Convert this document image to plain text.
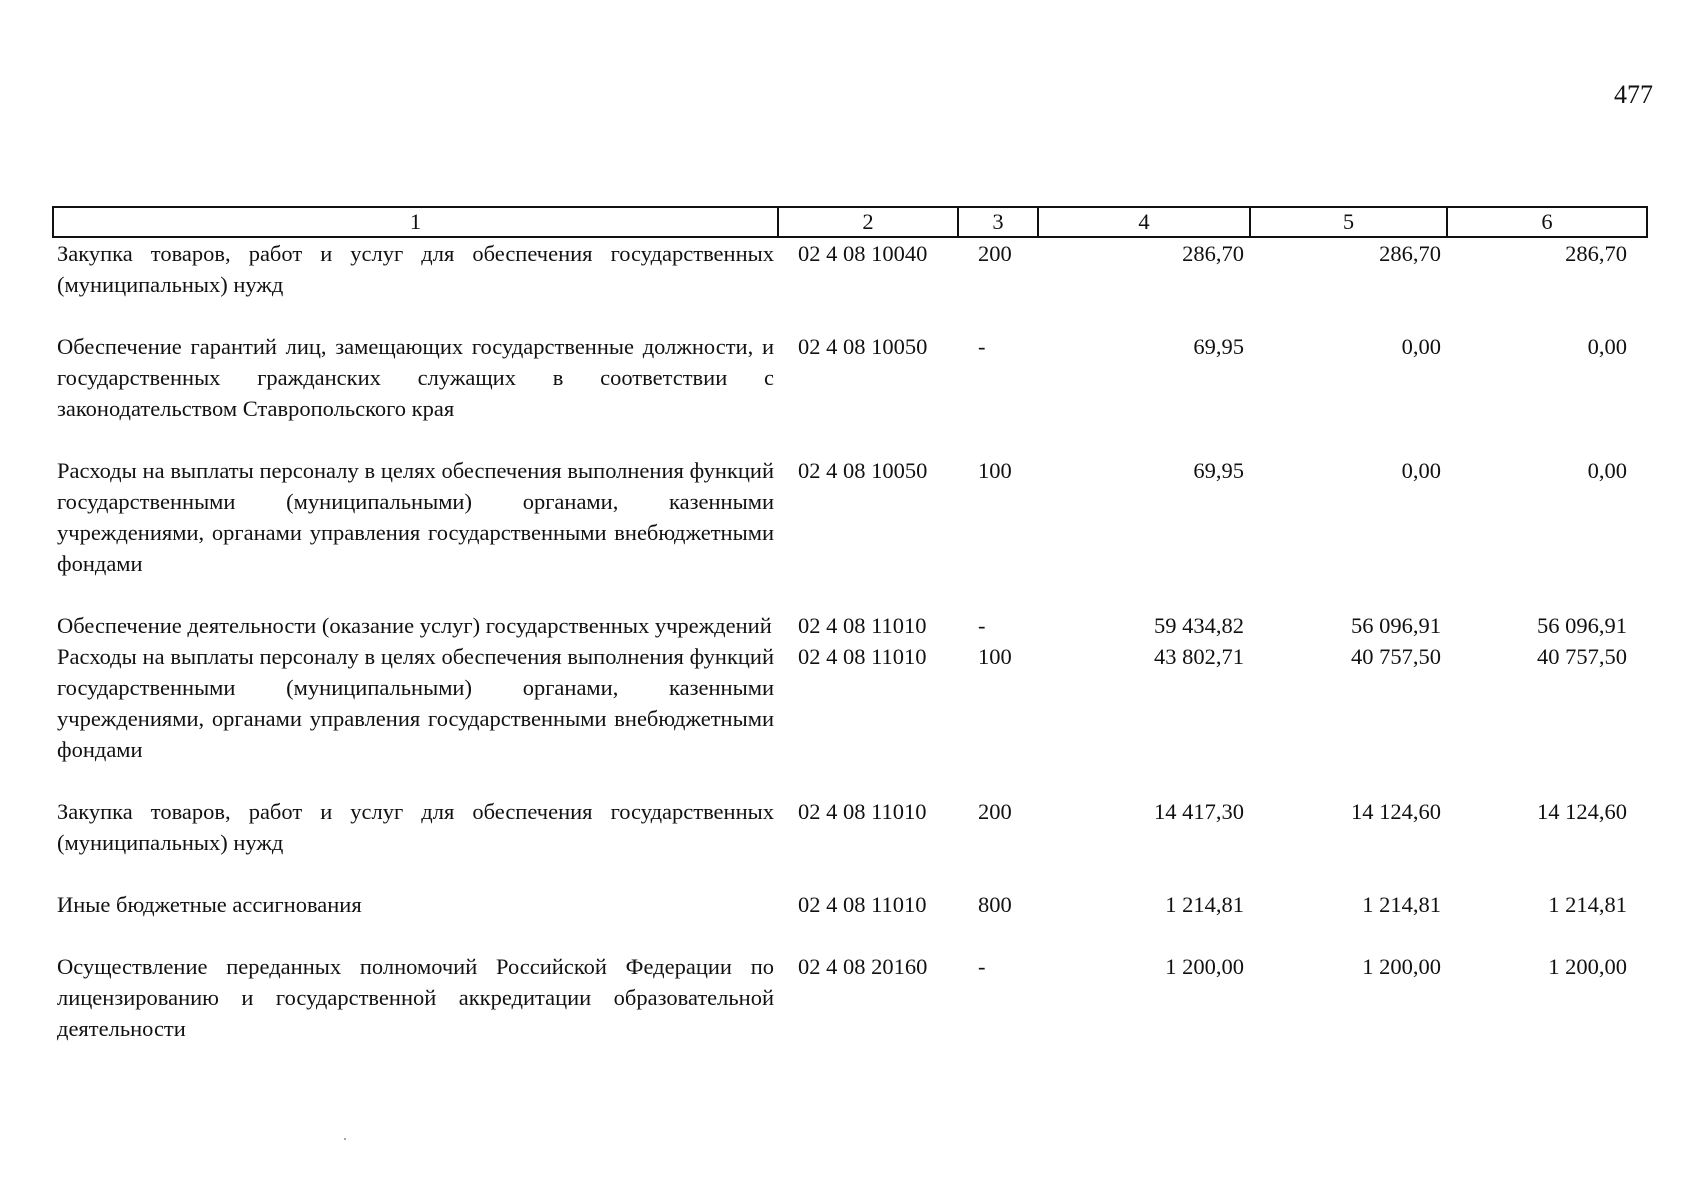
477
1	2	3	4	5	6
Закупка товаров, работ и услуг для обеспечения государственных (муниципальных) нужд	02 4 08 10040	200	286,70	286,70	286,70
Обеспечение гарантий лиц, замещающих государственные должности, и государственных гражданских служащих в соответствии с законодательством Ставропольского края	02 4 08 10050	-	69,95	0,00	0,00
Расходы на выплаты персоналу в целях обеспечения выполнения функций государственными (муниципальными) органами, казенными учреждениями, органами управления государственными внебюджетными фондами	02 4 08 10050	100	69,95	0,00	0,00
Обеспечение деятельности (оказание услуг) государственных учреждений	02 4 08 11010	-	59 434,82	56 096,91	56 096,91
Расходы на выплаты персоналу в целях обеспечения выполнения функций государственными (муниципальными) органами, казенными учреждениями, органами управления государственными внебюджетными фондами	02 4 08 11010	100	43 802,71	40 757,50	40 757,50
Закупка товаров, работ и услуг для обеспечения государственных (муниципальных) нужд	02 4 08 11010	200	14 417,30	14 124,60	14 124,60
Иные бюджетные ассигнования	02 4 08 11010	800	1 214,81	1 214,81	1 214,81
Осуществление переданных полномочий Российской Федерации по лицензированию и государственной аккредитации образовательной деятельности	02 4 08 20160	-	1 200,00	1 200,00	1 200,00
